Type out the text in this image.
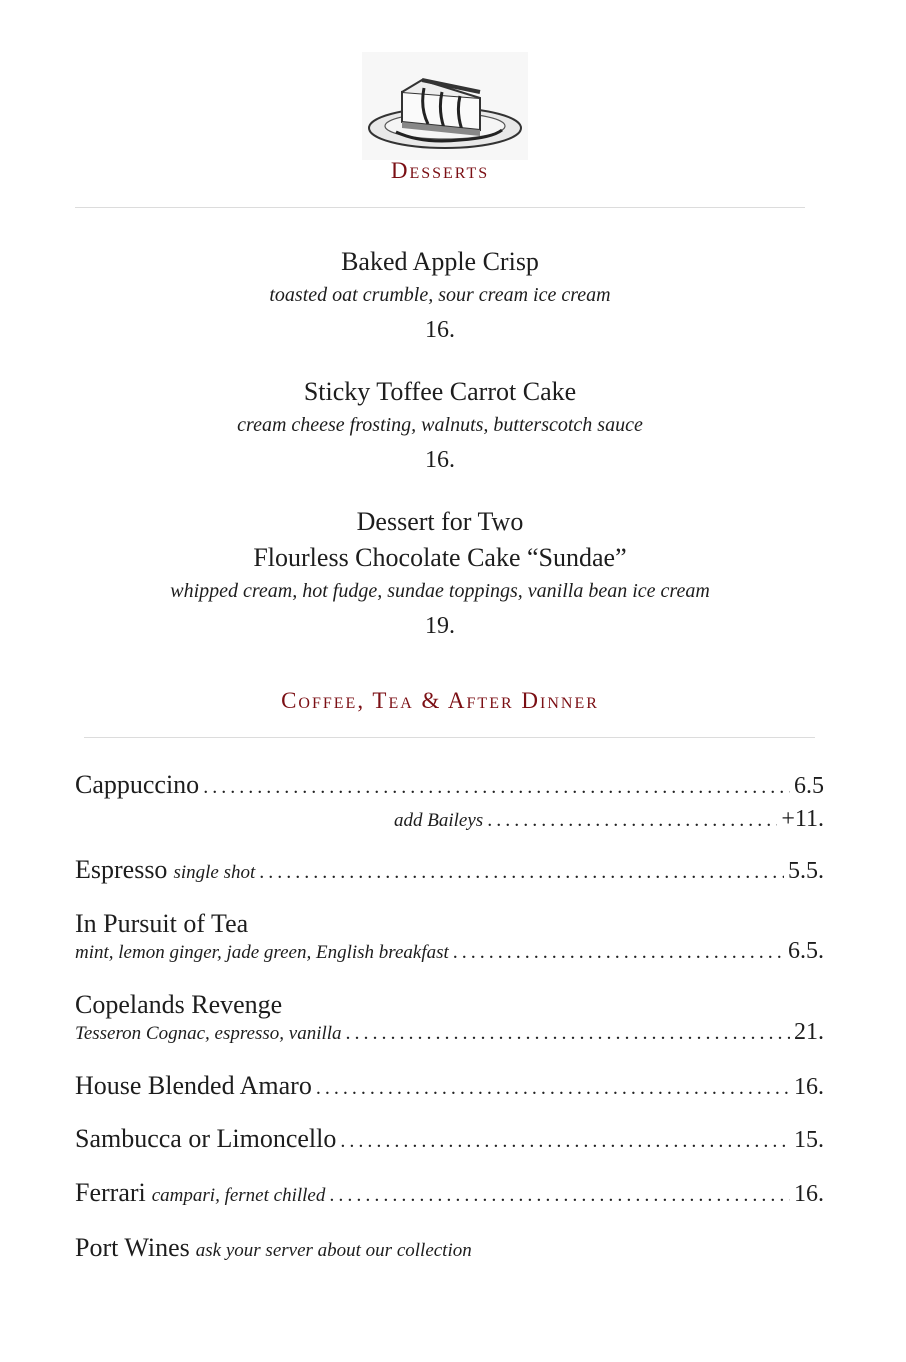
Desserts
Baked Apple Crisp
toasted oat crumble, sour cream ice cream
16.
Sticky Toffee Carrot Cake
cream cheese frosting, walnuts, butterscotch sauce
16.
Dessert for Two
Flourless Chocolate Cake “Sundae”
whipped cream, hot fudge, sundae toppings, vanilla bean ice cream
19.
Coffee, Tea & After Dinner
Cappuccino .....	6.5
add Baileys .....	+11.
Espresso single shot .....	5.5.
In Pursuit of Tea
mint, lemon ginger, jade green, English breakfast .....	6.5.
Copelands Revenge
Tesseron Cognac, espresso, vanilla .....	21.
House Blended Amaro .....	16.
Sambucca or Limoncello .....	15.
Ferrari campari, fernet chilled .....	16.
Port Wines ask your server about our collection
